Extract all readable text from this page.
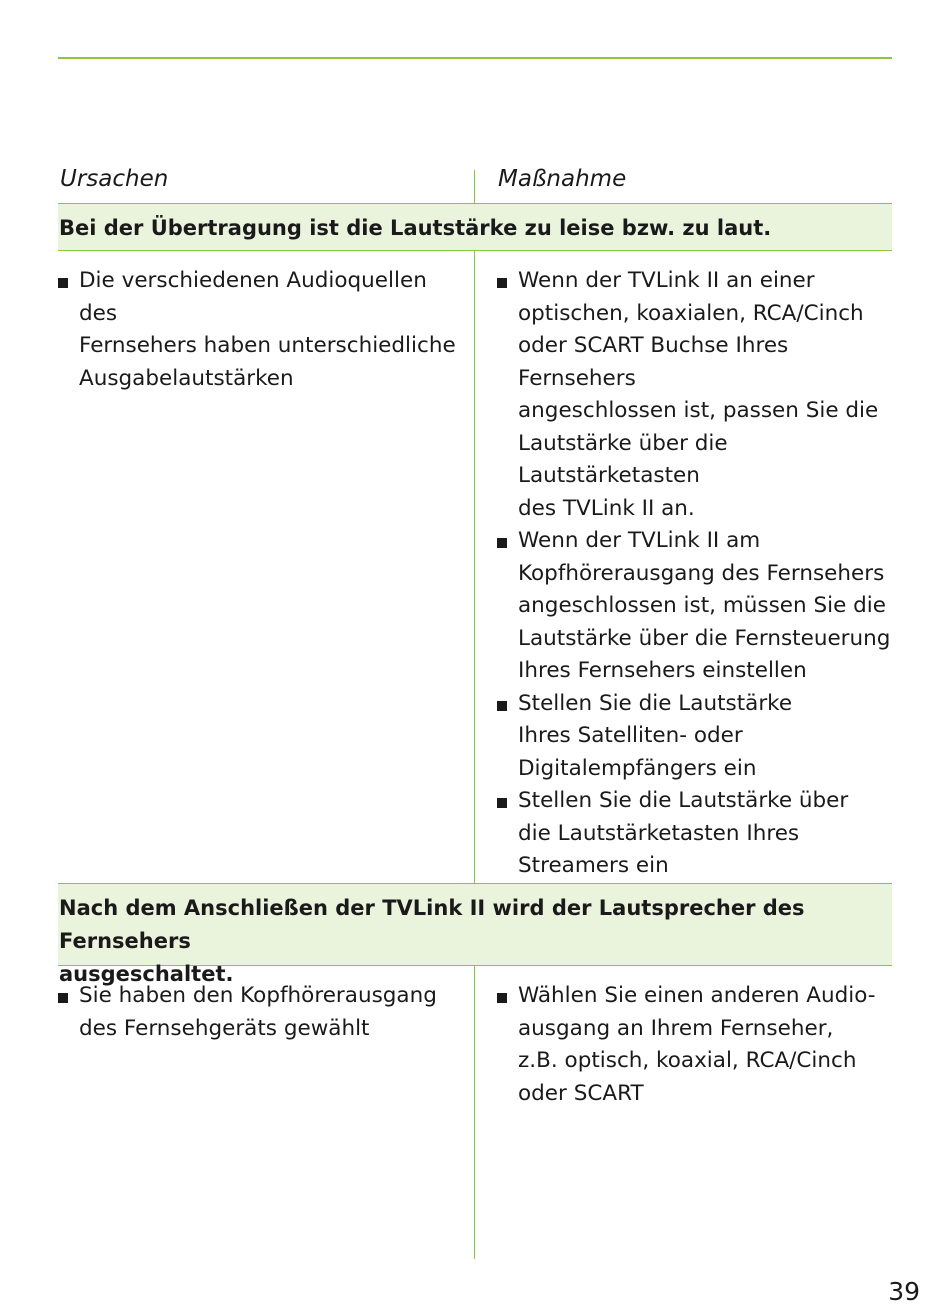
Ursachen	Maßnahme
Bei der Übertragung ist die Lautstärke zu leise bzw. zu laut.
Die verschiedenen Audioquellen des
Fernsehers haben unterschiedliche
Ausgabelautstärken
Wenn der TVLink II an einer
optischen, koaxialen, RCA/Cinch
oder SCART Buchse Ihres Fernsehers
angeschlossen ist, passen Sie die
Lautstärke über die Lautstärketasten
des TVLink II an.
Wenn der TVLink II am
Kopfhörerausgang des Fernsehers
angeschlossen ist, müssen Sie die
Lautstärke über die Fernsteuerung
Ihres Fernsehers einstellen
Stellen Sie die Lautstärke
Ihres Satelliten- oder
Digitalempfängers ein
Stellen Sie die Lautstärke über
die Lautstärketasten Ihres
Streamers ein
Nach dem Anschließen der TVLink II wird der Lautsprecher des Fernsehers
ausgeschaltet.
Sie haben den Kopfhörerausgang
des Fernsehgeräts gewählt
Wählen Sie einen anderen Audio-
ausgang an Ihrem Fernseher,
z.B. optisch, koaxial, RCA/Cinch
oder SCART
39
